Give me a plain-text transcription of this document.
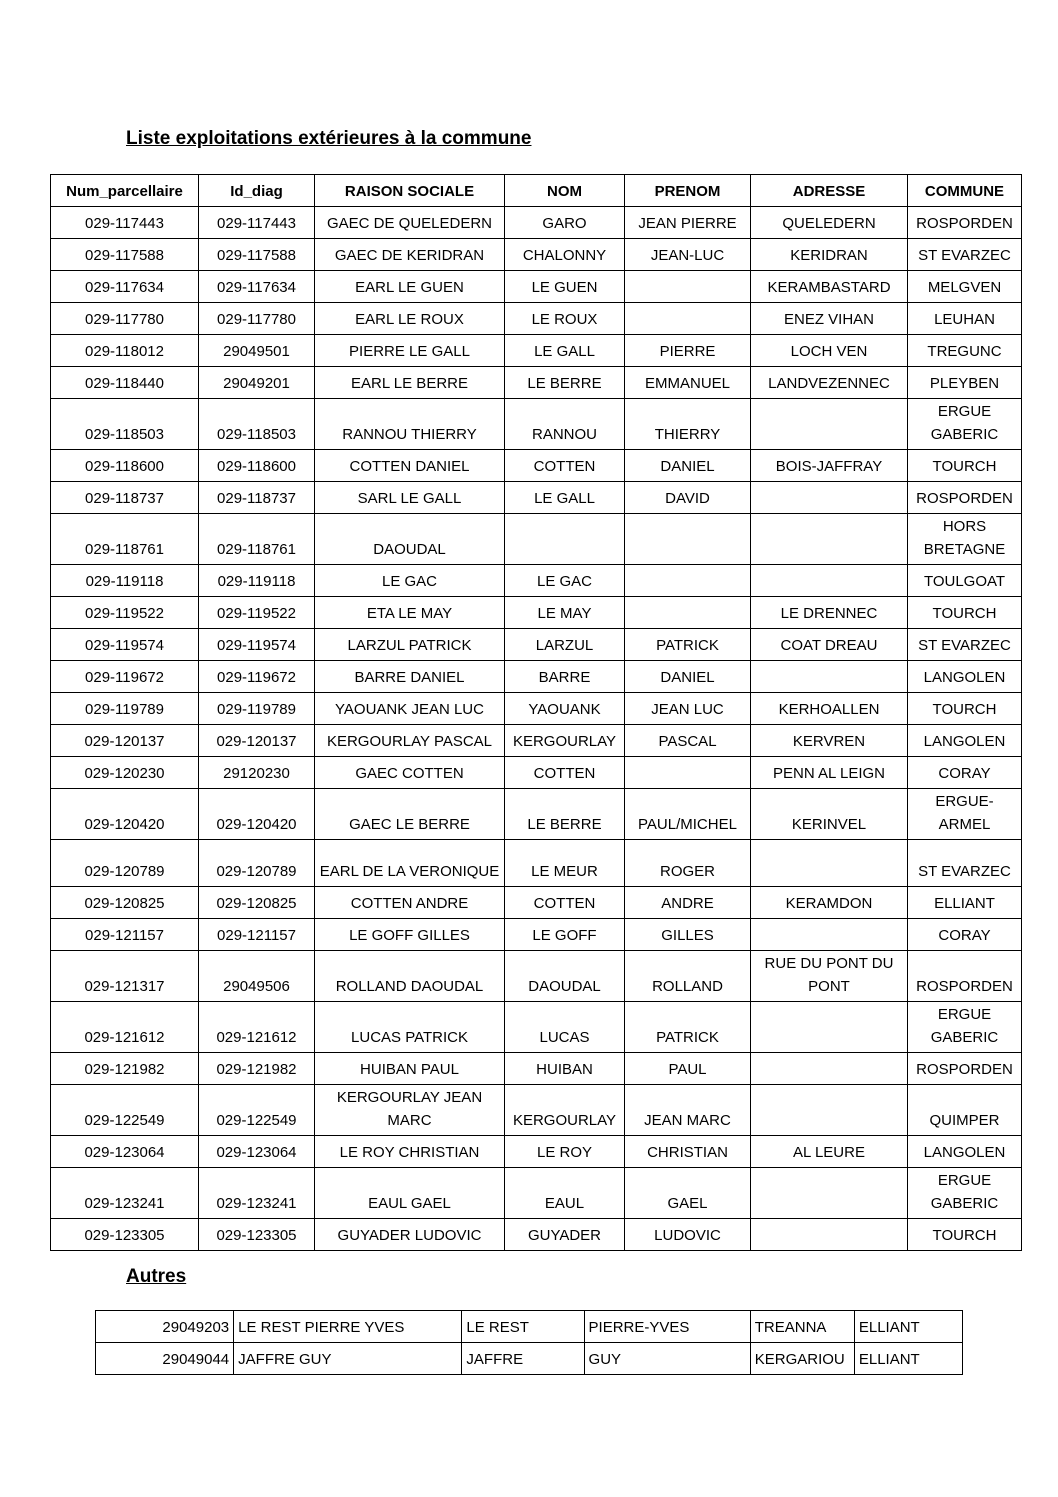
Liste exploitations extérieures à la commune
Num_parcellaire	Id_diag	RAISON SOCIALE	NOM	PRENOM	ADRESSE	COMMUNE
029-117443	029-117443	GAEC DE QUELEDERN	GARO	JEAN PIERRE	QUELEDERN	ROSPORDEN
029-117588	029-117588	GAEC DE KERIDRAN	CHALONNY	JEAN-LUC	KERIDRAN	ST EVARZEC
029-117634	029-117634	EARL LE GUEN	LE GUEN		KERAMBASTARD	MELGVEN
029-117780	029-117780	EARL LE ROUX	LE ROUX		ENEZ VIHAN	LEUHAN
029-118012	29049501	PIERRE LE GALL	LE GALL	PIERRE	LOCH VEN	TREGUNC
029-118440	29049201	EARL LE BERRE	LE BERRE	EMMANUEL	LANDVEZENNEC	PLEYBEN
029-118503	029-118503	RANNOU THIERRY	RANNOU	THIERRY		ERGUE GABERIC
029-118600	029-118600	COTTEN DANIEL	COTTEN	DANIEL	BOIS-JAFFRAY	TOURCH
029-118737	029-118737	SARL LE GALL	LE GALL	DAVID		ROSPORDEN
029-118761	029-118761	DAOUDAL				HORS BRETAGNE
029-119118	029-119118	LE GAC	LE GAC			TOULGOAT
029-119522	029-119522	ETA LE MAY	LE MAY		LE DRENNEC	TOURCH
029-119574	029-119574	LARZUL PATRICK	LARZUL	PATRICK	COAT DREAU	ST EVARZEC
029-119672	029-119672	BARRE DANIEL	BARRE	DANIEL		LANGOLEN
029-119789	029-119789	YAOUANK JEAN LUC	YAOUANK	JEAN LUC	KERHOALLEN	TOURCH
029-120137	029-120137	KERGOURLAY PASCAL	KERGOURLAY	PASCAL	KERVREN	LANGOLEN
029-120230	29120230	GAEC COTTEN	COTTEN		PENN AL LEIGN	CORAY
029-120420	029-120420	GAEC LE BERRE	LE BERRE	PAUL/MICHEL	KERINVEL	ERGUE-ARMEL
029-120789	029-120789	EARL DE LA VERONIQUE	LE MEUR	ROGER		ST EVARZEC
029-120825	029-120825	COTTEN ANDRE	COTTEN	ANDRE	KERAMDON	ELLIANT
029-121157	029-121157	LE GOFF GILLES	LE GOFF	GILLES		CORAY
029-121317	29049506	ROLLAND DAOUDAL	DAOUDAL	ROLLAND	RUE DU PONT DU PONT	ROSPORDEN
029-121612	029-121612	LUCAS PATRICK	LUCAS	PATRICK		ERGUE GABERIC
029-121982	029-121982	HUIBAN PAUL	HUIBAN	PAUL		ROSPORDEN
029-122549	029-122549	KERGOURLAY JEAN MARC	KERGOURLAY	JEAN MARC		QUIMPER
029-123064	029-123064	LE ROY CHRISTIAN	LE ROY	CHRISTIAN	AL LEURE	LANGOLEN
029-123241	029-123241	EAUL GAEL	EAUL	GAEL		ERGUE GABERIC
029-123305	029-123305	GUYADER LUDOVIC	GUYADER	LUDOVIC		TOURCH
Autres
29049203	LE REST PIERRE YVES	LE REST	PIERRE-YVES	TREANNA	ELLIANT
29049044	JAFFRE GUY	JAFFRE	GUY	KERGARIOU	ELLIANT
